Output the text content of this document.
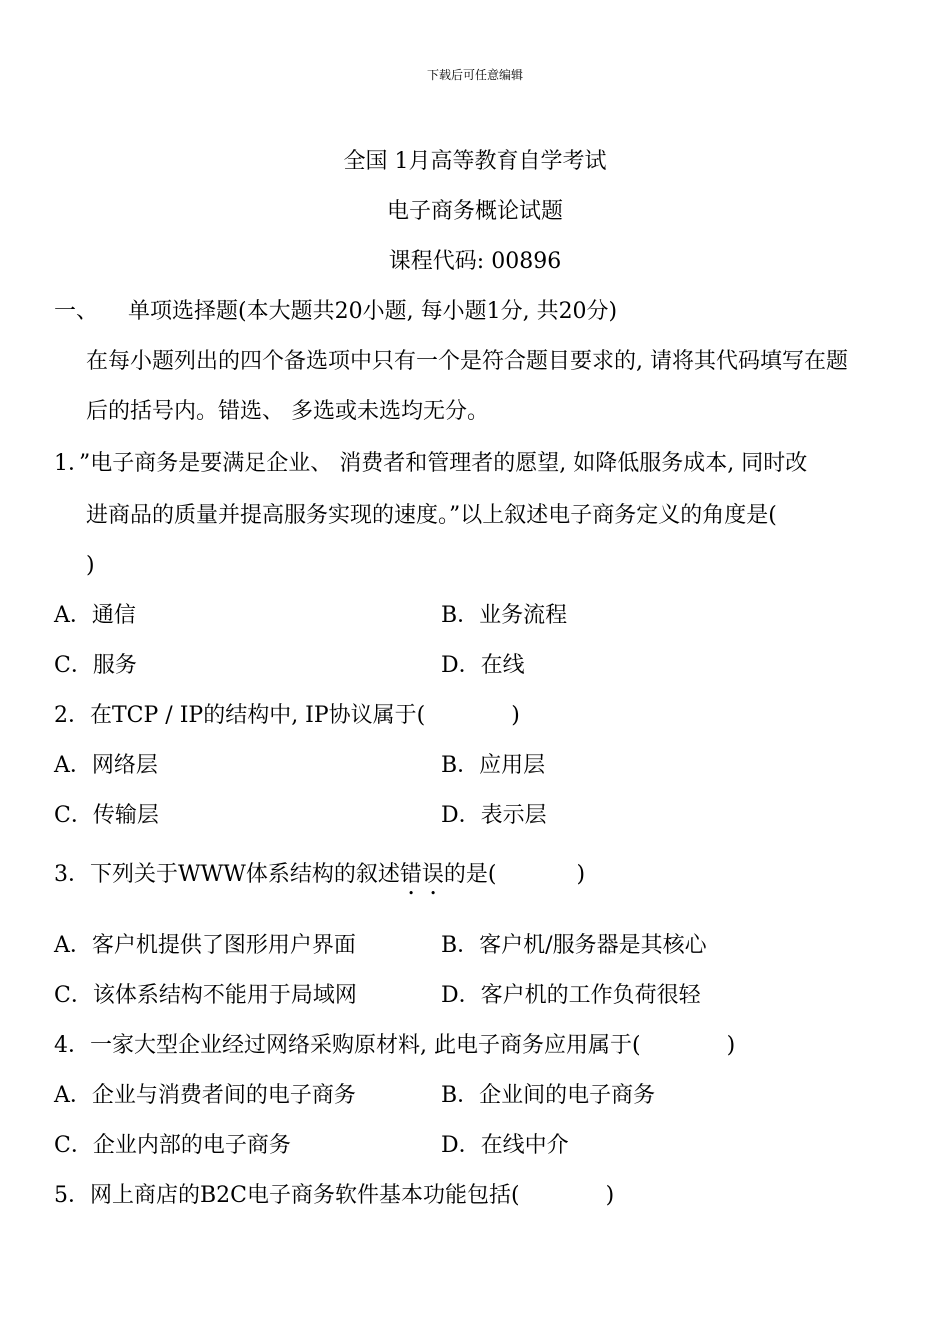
下载后可任意编辑
全国 1月高等教育自学考试
电子商务概论试题
课程代码: 00896
一、 单项选择题(本大题共20小题, 每小题1分, 共20分)
在每小题列出的四个备选项中只有一个是符合题目要求的, 请将其代码填写在题
后的括号内。错选、 多选或未选均无分。
1．”电子商务是要满足企业、 消费者和管理者的愿望, 如降低服务成本, 同时改
进商品的质量并提高服务实现的速度。”以上叙述电子商务定义的角度是(
)
A．通信	B．业务流程
C．服务	D．在线
2．在TCP / IP的结构中, IP协议属于(	)
A．网络层	B．应用层
C．传输层	D．表示层
3．下列关于WWW体系结构的叙述错误的是(	)
A．客户机提供了图形用户界面	B．客户机/服务器是其核心
C．该体系结构不能用于局域网	D．客户机的工作负荷很轻
4．一家大型企业经过网络采购原材料, 此电子商务应用属于(	)
A．企业与消费者间的电子商务	B．企业间的电子商务
C．企业内部的电子商务	D．在线中介
5．网上商店的B2C电子商务软件基本功能包括(	)
